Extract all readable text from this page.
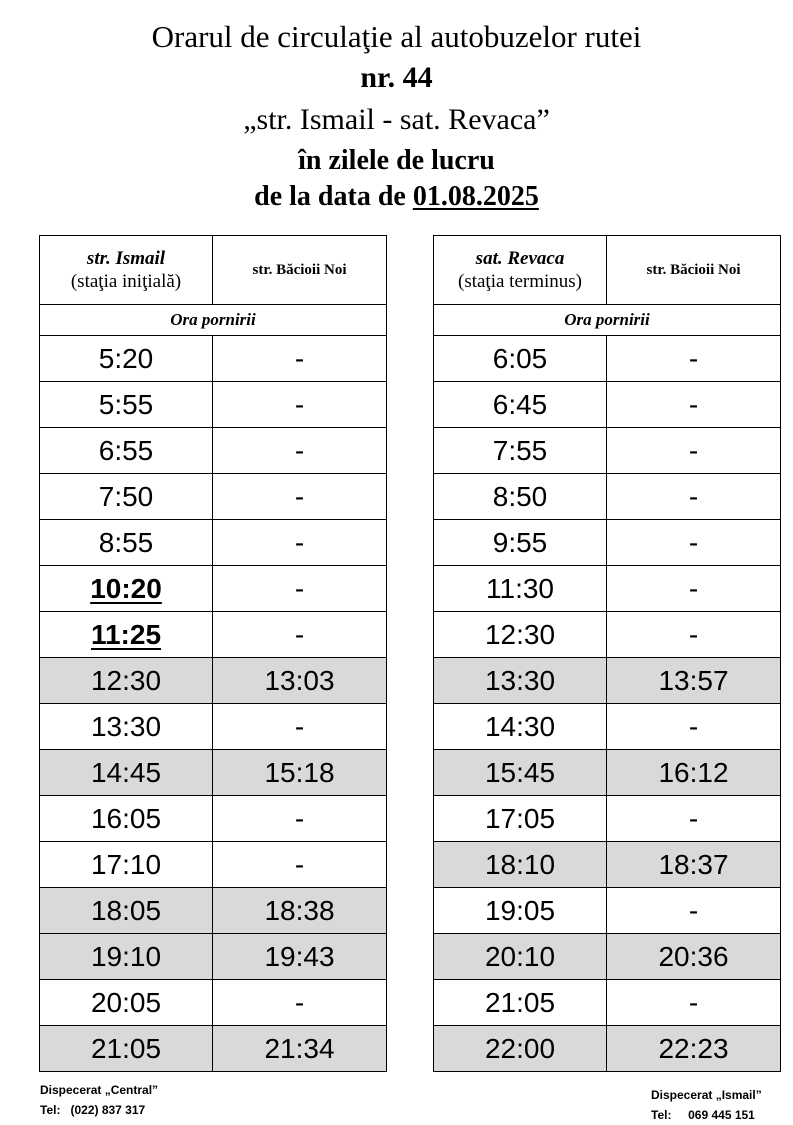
Orarul de circulaţie al autobuzelor rutei
nr. 44
„str. Ismail - sat. Revaca”
în zilele de lucru
de la data de 01.08.2025
str. Ismail
(staţia iniţială)	str. Băcioii Noi
Ora pornirii	
5:20	-
5:55	-
6:55	-
7:50	-
8:55	-
10:20	-
11:25	-
12:30	13:03
13:30	-
14:45	15:18
16:05	-
17:10	-
18:05	18:38
19:10	19:43
20:05	-
21:05	21:34
sat. Revaca
(staţia terminus)	str. Băcioii Noi
Ora pornirii	
6:05	-
6:45	-
7:55	-
8:50	-
9:55	-
11:30	-
12:30	-
13:30	13:57
14:30	-
15:45	16:12
17:05	-
18:10	18:37
19:05	-
20:10	20:36
21:05	-
22:00	22:23
Dispecerat „Central”
Tel: (022) 837 317
Dispecerat „Ismail”
Tel: 069 445 151
